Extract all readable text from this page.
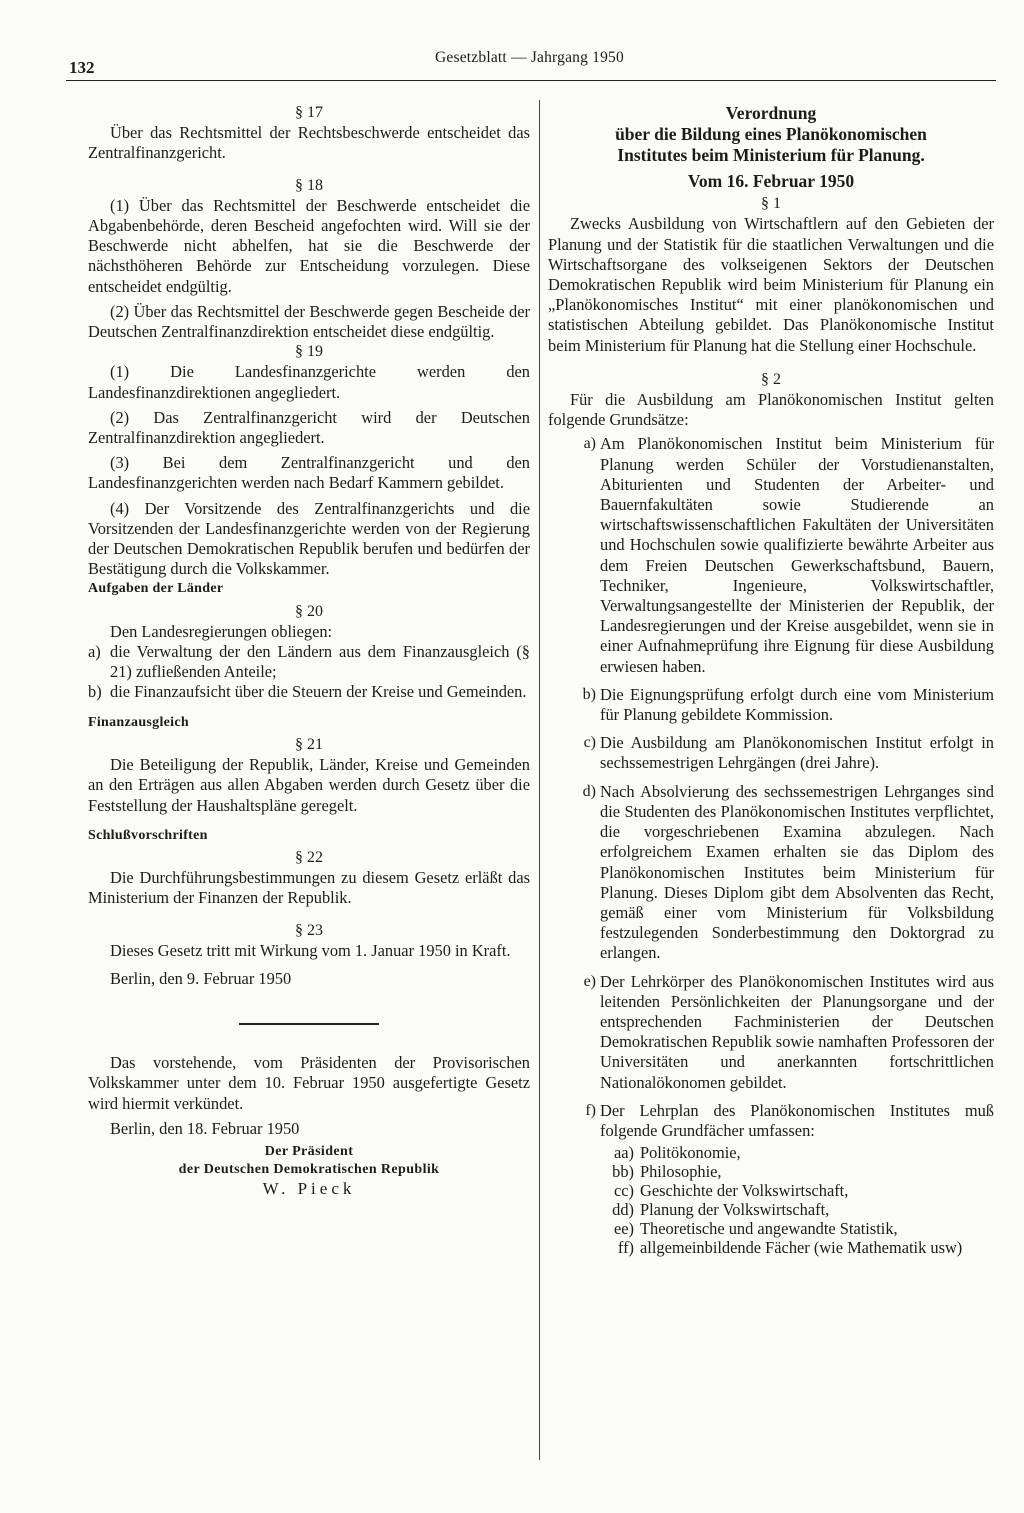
132
Gesetzblatt — Jahrgang 1950

§ 17

Über das Rechtsmittel der Rechtsbeschwerde entscheidet das Zentralfinanzgericht.

§ 18

(1) Über das Rechtsmittel der Beschwerde entscheidet die Abgabenbehörde, deren Bescheid angefochten wird. Will sie der Beschwerde nicht abhelfen, hat sie die Beschwerde der nächsthöheren Behörde zur Entscheidung vorzulegen. Diese entscheidet endgültig.

(2) Über das Rechtsmittel der Beschwerde gegen Bescheide der Deutschen Zentralfinanzdirektion entscheidet diese endgültig.

§ 19

(1) Die Landesfinanzgerichte werden den Landesfinanzdirektionen angegliedert.

(2) Das Zentralfinanzgericht wird der Deutschen Zentralfinanzdirektion angegliedert.

(3) Bei dem Zentralfinanzgericht und den Landesfinanzgerichten werden nach Bedarf Kammern gebildet.

(4) Der Vorsitzende des Zentralfinanzgerichts und die Vorsitzenden der Landesfinanzgerichte werden von der Regierung der Deutschen Demokratischen Republik berufen und bedürfen der Bestätigung durch die Volkskammer.

Aufgaben der Länder

§ 20

Den Landesregierungen obliegen:

a) die Verwaltung der den Ländern aus dem Finanzausgleich (§ 21) zufließenden Anteile;
b) die Finanzaufsicht über die Steuern der Kreise und Gemeinden.

Finanzausgleich

§ 21

Die Beteiligung der Republik, Länder, Kreise und Gemeinden an den Erträgen aus allen Abgaben werden durch Gesetz über die Feststellung der Haushaltspläne geregelt.

Schlußvorschriften

§ 22

Die Durchführungsbestimmungen zu diesem Gesetz erläßt das Ministerium der Finanzen der Republik.

§ 23

Dieses Gesetz tritt mit Wirkung vom 1. Januar 1950 in Kraft.

Berlin, den 9. Februar 1950

Das vorstehende, vom Präsidenten der Provisorischen Volkskammer unter dem 10. Februar 1950 ausgefertigte Gesetz wird hiermit verkündet.

Berlin, den 18. Februar 1950

Der Präsident
der Deutschen Demokratischen Republik
W. Pieck
Verordnung
über die Bildung eines Planökonomischen
Institutes beim Ministerium für Planung.
Vom 16. Februar 1950

§ 1

Zwecks Ausbildung von Wirtschaftlern auf den Gebieten der Planung und der Statistik für die staatlichen Verwaltungen und die Wirtschaftsorgane des volkseigenen Sektors der Deutschen Demokratischen Republik wird beim Ministerium für Planung ein „Planökonomisches Institut“ mit einer planökonomischen und statistischen Abteilung gebildet. Das Planökonomische Institut beim Ministerium für Planung hat die Stellung einer Hochschule.

§ 2

Für die Ausbildung am Planökonomischen Institut gelten folgende Grundsätze:

a) Am Planökonomischen Institut beim Ministerium für Planung werden Schüler der Vorstudienanstalten, Abiturienten und Studenten der Arbeiter- und Bauernfakultäten sowie Studierende an wirtschaftswissenschaftlichen Fakultäten der Universitäten und Hochschulen sowie qualifizierte bewährte Arbeiter aus dem Freien Deutschen Gewerkschaftsbund, Bauern, Techniker, Ingenieure, Volkswirtschaftler, Verwaltungsangestellte der Ministerien der Republik, der Landesregierungen und der Kreise ausgebildet, wenn sie in einer Aufnahmeprüfung ihre Eignung für diese Ausbildung erwiesen haben.
b) Die Eignungsprüfung erfolgt durch eine vom Ministerium für Planung gebildete Kommission.
c) Die Ausbildung am Planökonomischen Institut erfolgt in sechssemestrigen Lehrgängen (drei Jahre).
d) Nach Absolvierung des sechssemestrigen Lehrganges sind die Studenten des Planökonomischen Institutes verpflichtet, die vorgeschriebenen Examina abzulegen. Nach erfolgreichem Examen erhalten sie das Diplom des Planökonomischen Institutes beim Ministerium für Planung. Dieses Diplom gibt dem Absolventen das Recht, gemäß einer vom Ministerium für Volksbildung festzulegenden Sonderbestimmung den Doktorgrad zu erlangen.
e) Der Lehrkörper des Planökonomischen Institutes wird aus leitenden Persönlichkeiten der Planungsorgane und der entsprechenden Fachministerien der Deutschen Demokratischen Republik sowie namhaften Professoren der Universitäten und anerkannten fortschrittlichen Nationalökonomen gebildet.
f) Der Lehrplan des Planökonomischen Institutes muß folgende Grundfächer umfassen:
aa) Politökonomie,
bb) Philosophie,
cc) Geschichte der Volkswirtschaft,
dd) Planung der Volkswirtschaft,
ee) Theoretische und angewandte Statistik,
ff) allgemeinbildende Fächer (wie Mathematik usw)
